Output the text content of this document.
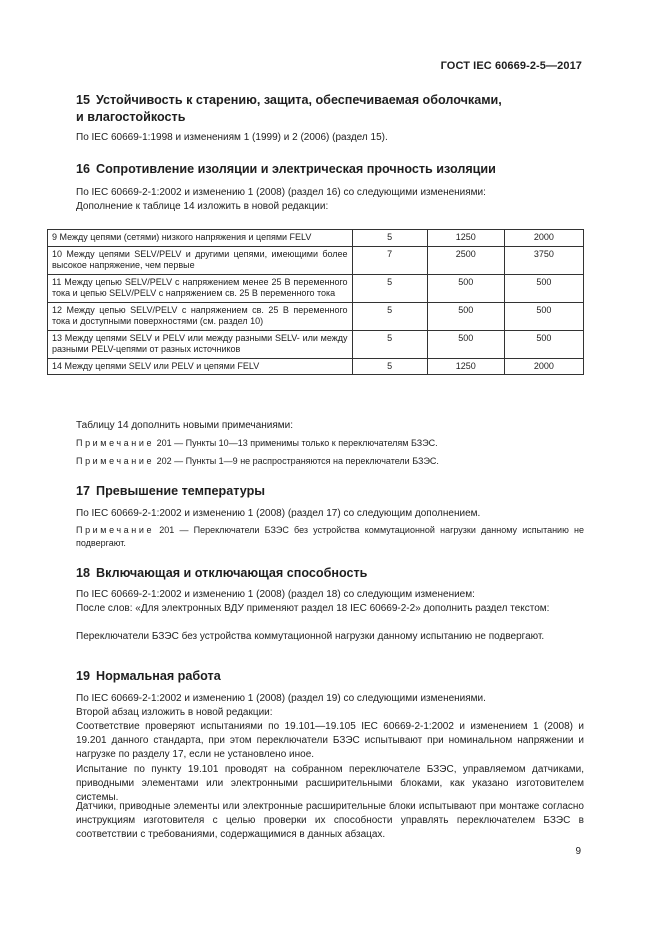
ГОСТ IEC 60669-2-5—2017
15 Устойчивость к старению, защита, обеспечиваемая оболочками,
и влагостойкость
По IEC 60669-1:1998 и изменениям 1 (1999) и 2 (2006) (раздел 15).
16 Сопротивление изоляции и электрическая прочность изоляции
По IEC 60669-2-1:2002 и изменению 1 (2008) (раздел 16) со следующими изменениями:
Дополнение к таблице 14 изложить в новой редакции:
9 Между цепями (сетями) низкого напряжения и цепями FELV	5	1250	2000
10 Между цепями SELV/PELV и другими цепями, имеющими более высокое напряжение, чем первые	7	2500	3750
11 Между цепью SELV/PELV с напряжением менее 25 В переменного тока и цепью SELV/PELV с напряжением св. 25 В переменного тока	5	500	500
12 Между цепью SELV/PELV с напряжением св. 25 В переменного тока и доступными поверхностями (см. раздел 10)	5	500	500
13 Между цепями SELV и PELV или между разными SELV- или между разными PELV-цепями от разных источников	5	500	500
14 Между цепями SELV или PELV и цепями FELV	5	1250	2000
Таблицу 14 дополнить новыми примечаниями:
Примечание 201 — Пункты 10—13 применимы только к переключателям БЗЭС.
Примечание 202 — Пункты 1—9 не распространяются на переключатели БЗЭС.
17 Превышение температуры
По IEC 60669-2-1:2002 и изменению 1 (2008) (раздел 17) со следующим дополнением.
Примечание 201 — Переключатели БЗЭС без устройства коммутационной нагрузки данному испытанию не подвергают.
18 Включающая и отключающая способность
По IEC 60669-2-1:2002 и изменению 1 (2008) (раздел 18) со следующим изменением:
После слов: «Для электронных ВДУ применяют раздел 18 IEC 60669-2-2» дополнить раздел текстом:
Переключатели БЗЭС без устройства коммутационной нагрузки данному испытанию не подвергают.
19 Нормальная работа
По IEC 60669-2-1:2002 и изменению 1 (2008) (раздел 19) со следующими изменениями.
Второй абзац изложить в новой редакции:
Соответствие проверяют испытаниями по 19.101—19.105 IEC 60669-2-1:2002 и изменением 1 (2008) и 19.201 данного стандарта, при этом переключатели БЗЭС испытывают при номинальном напряжении и нагрузке по разделу 17, если не установлено иное.
Испытание по пункту 19.101 проводят на собранном переключателе БЗЭС, управляемом датчиками, приводными элементами или электронными расширительными блоками, как указано изготовителем системы.
Датчики, приводные элементы или электронные расширительные блоки испытывают при монтаже согласно инструкциям изготовителя с целью проверки их способности управлять переключателем БЗЭС в соответствии с требованиями, содержащимися в данных абзацах.
9
